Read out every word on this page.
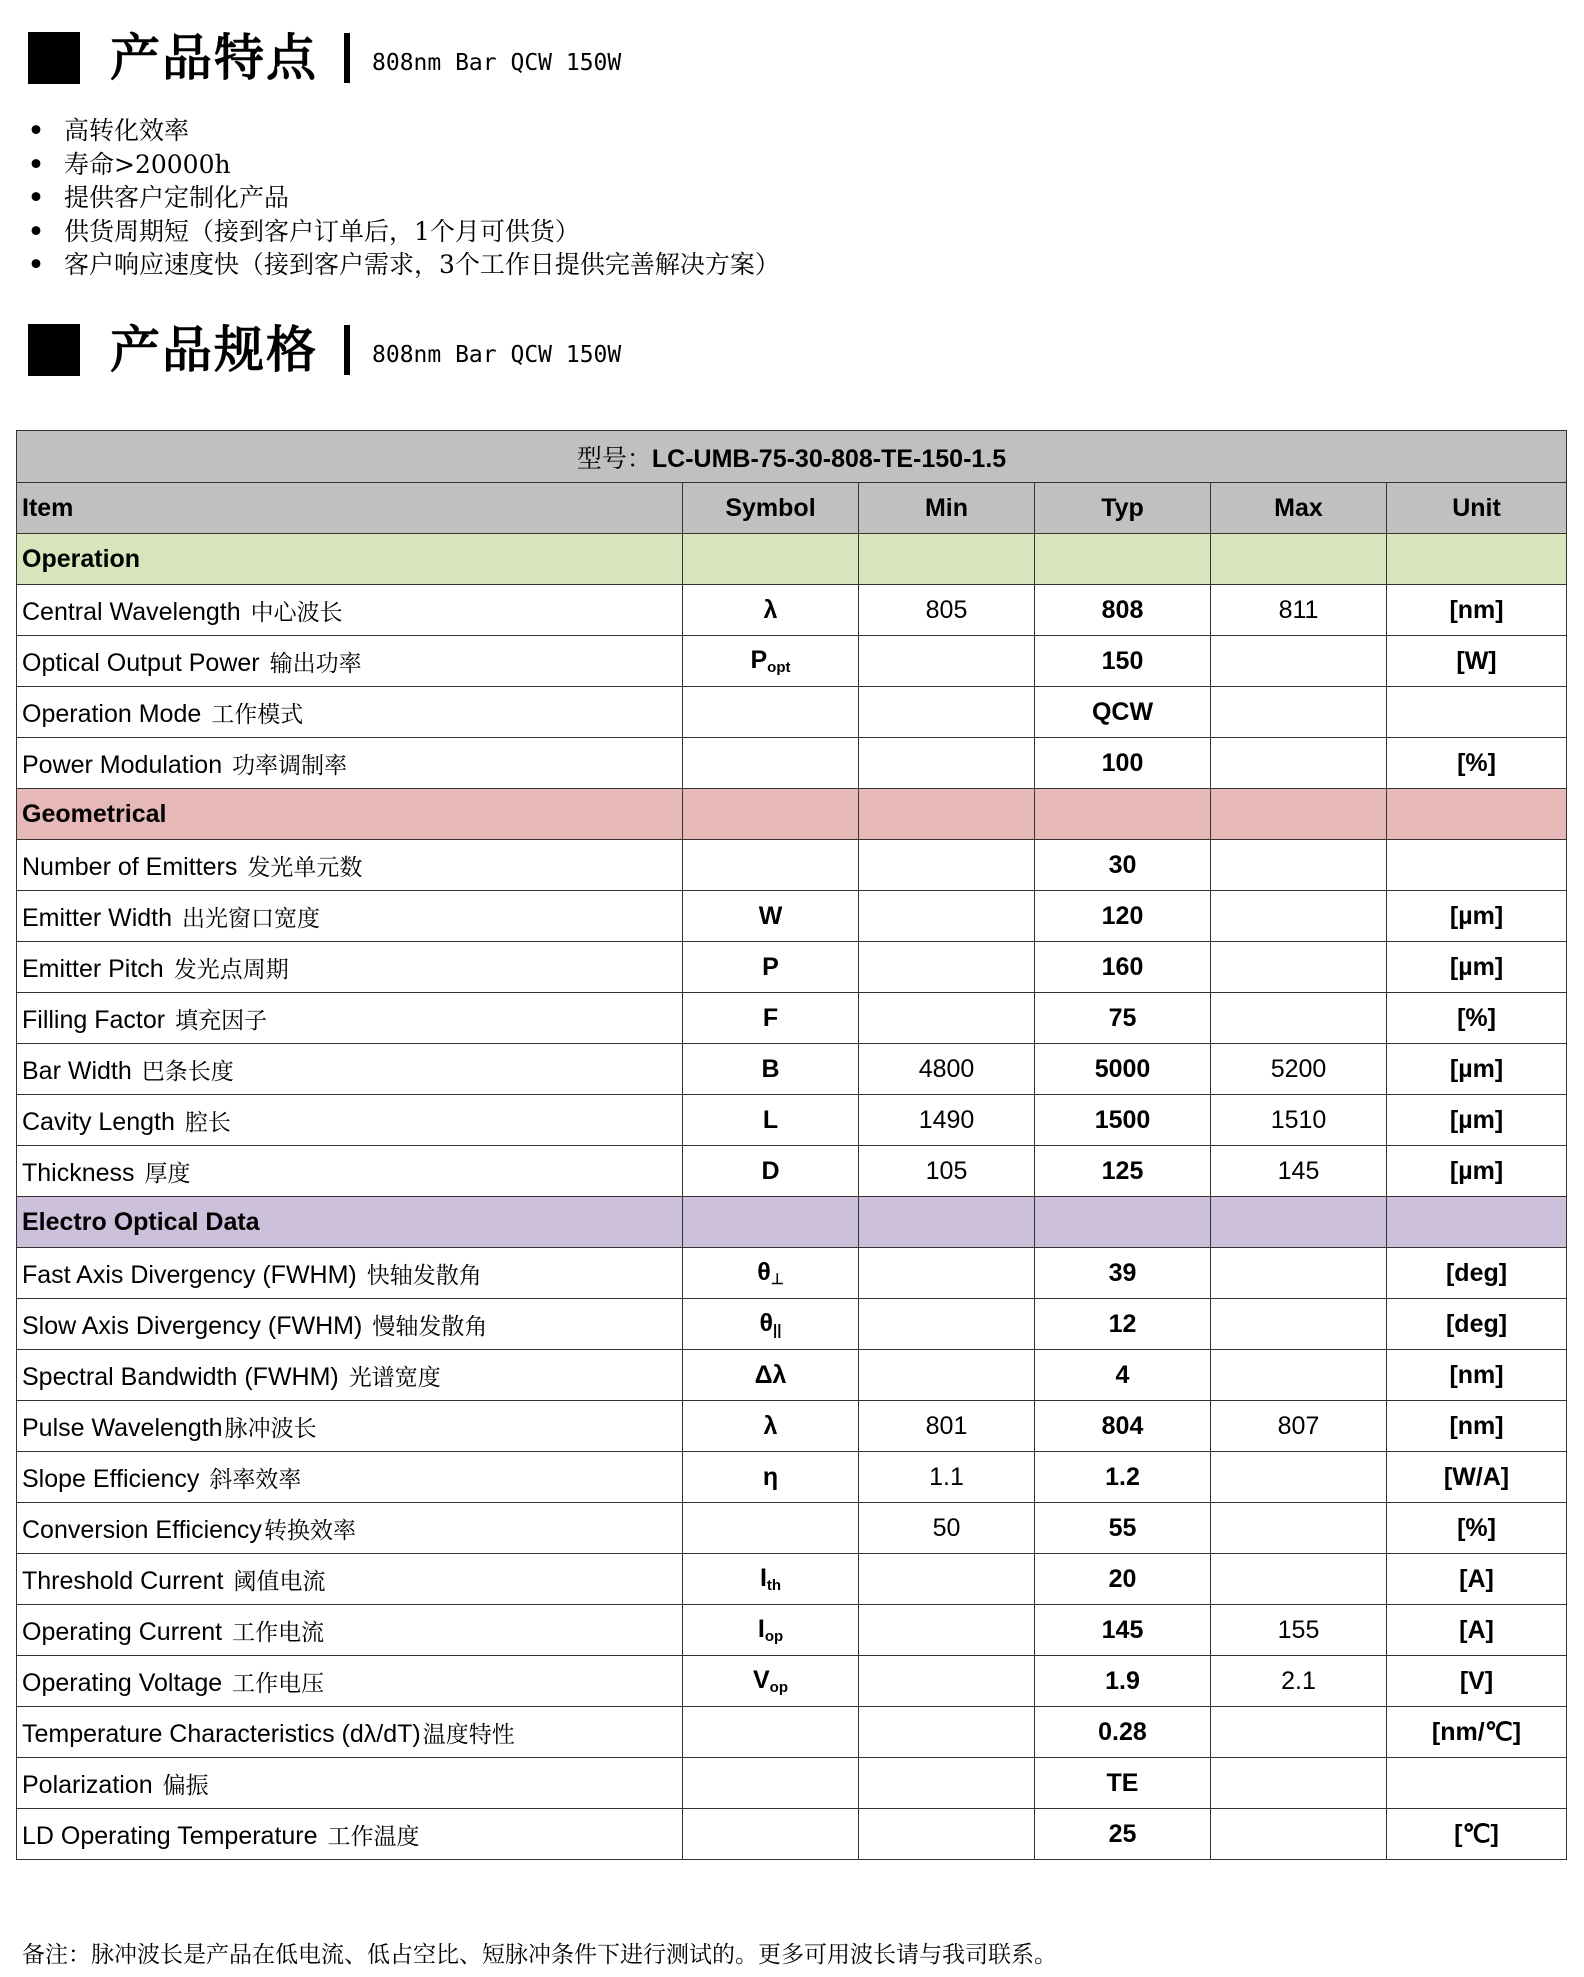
产品特点 808nm Bar QCW 150W
• 高转化效率
• 寿命>20000h
• 提供客户定制化产品
• 供货周期短（接到客户订单后，1个月可供货）
• 客户响应速度快（接到客户需求，3个工作日提供完善解决方案）
产品规格 808nm Bar QCW 150W
型号：LC-UMB-75-30-808-TE-150-1.5					
Item	Symbol	Min	Typ	Max	Unit
Operation					
Central Wavelength 中心波长	λ	805	808	811	[nm]
Optical Output Power 输出功率	$P_{opt}$		150		[W]
Operation Mode 工作模式			QCW		
Power Modulation 功率调制率			100		[%]
Geometrical					
Number of Emitters 发光单元数			30		
Emitter Width 出光窗口宽度	W		120		[µm]
Emitter Pitch 发光点周期	P		160		[µm]
Filling Factor 填充因子	F		75		[%]
Bar Width 巴条长度	B	4800	5000	5200	[µm]
Cavity Length 腔长	L	1490	1500	1510	[µm]
Thickness 厚度	D	105	125	145	[µm]
Electro Optical Data					
Fast Axis Divergency (FWHM) 快轴发散角	$\theta_\perp$		39		[deg]
Slow Axis Divergency (FWHM) 慢轴发散角	$\theta_{||}$		12		[deg]
Spectral Bandwidth (FWHM) 光谱宽度	Δλ		4		[nm]
Pulse Wavelength脉冲波长	λ	801	804	807	[nm]
Slope Efficiency 斜率效率	η	1.1	1.2		[W/A]
Conversion Efficiency转换效率		50	55		[%]
Threshold Current 阈值电流	$I_{th}$		20		[A]
Operating Current 工作电流	$I_{op}$		145	155	[A]
Operating Voltage 工作电压	$V_{op}$		1.9	2.1	[V]
Temperature Characteristics (dλ/dT)温度特性			0.28		[nm/℃]
Polarization 偏振			TE		
LD Operating Temperature 工作温度			25		[℃]
备注：脉冲波长是产品在低电流、低占空比、短脉冲条件下进行测试的。更多可用波长请与我司联系。
